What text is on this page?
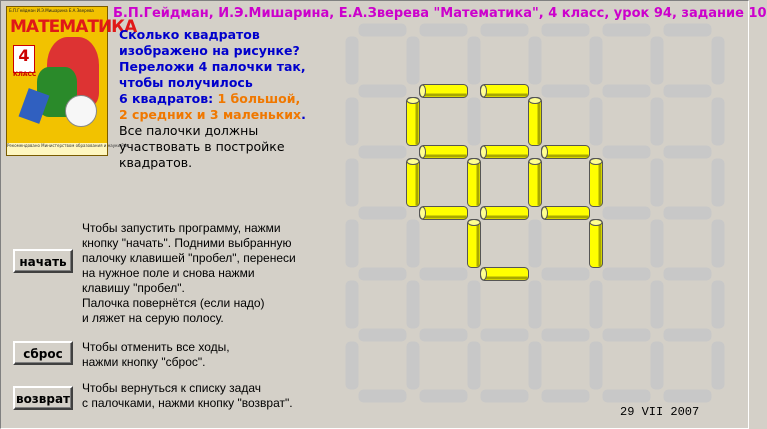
Б.П.Гейдман, И.Э.Мишарина, Е.А.Зверева "Математика", 4 класс, урок 94, задание 10
Б.П.Гейдман И.Э.Мишарина Е.А.Зверева
МАТЕМАТИКА
4
КЛАСС
Рекомендовано Министерством образования и науки РФ
Сколько квадратов
изображено на рисунке?
Переложи 4 палочки так,
чтобы получилось
6 квадратов: 1 большой,
2 средних и 3 маленьких.
Все палочки должны
участвовать в постройке
квадратов.
начать
Чтобы запустить программу, нажми
кнопку "начать". Подними выбранную
палочку клавишей "пробел", перенеси
на нужное поле и снова нажми
клавишу "пробел".
Палочка повернётся (если надо)
и ляжет на серую полосу.
сброс	Чтобы отменить все ходы,
нажми кнопку "сброс".
возврат
Чтобы вернуться к списку задач
с палочками, нажми кнопку "возврат".
29 VII 2007
